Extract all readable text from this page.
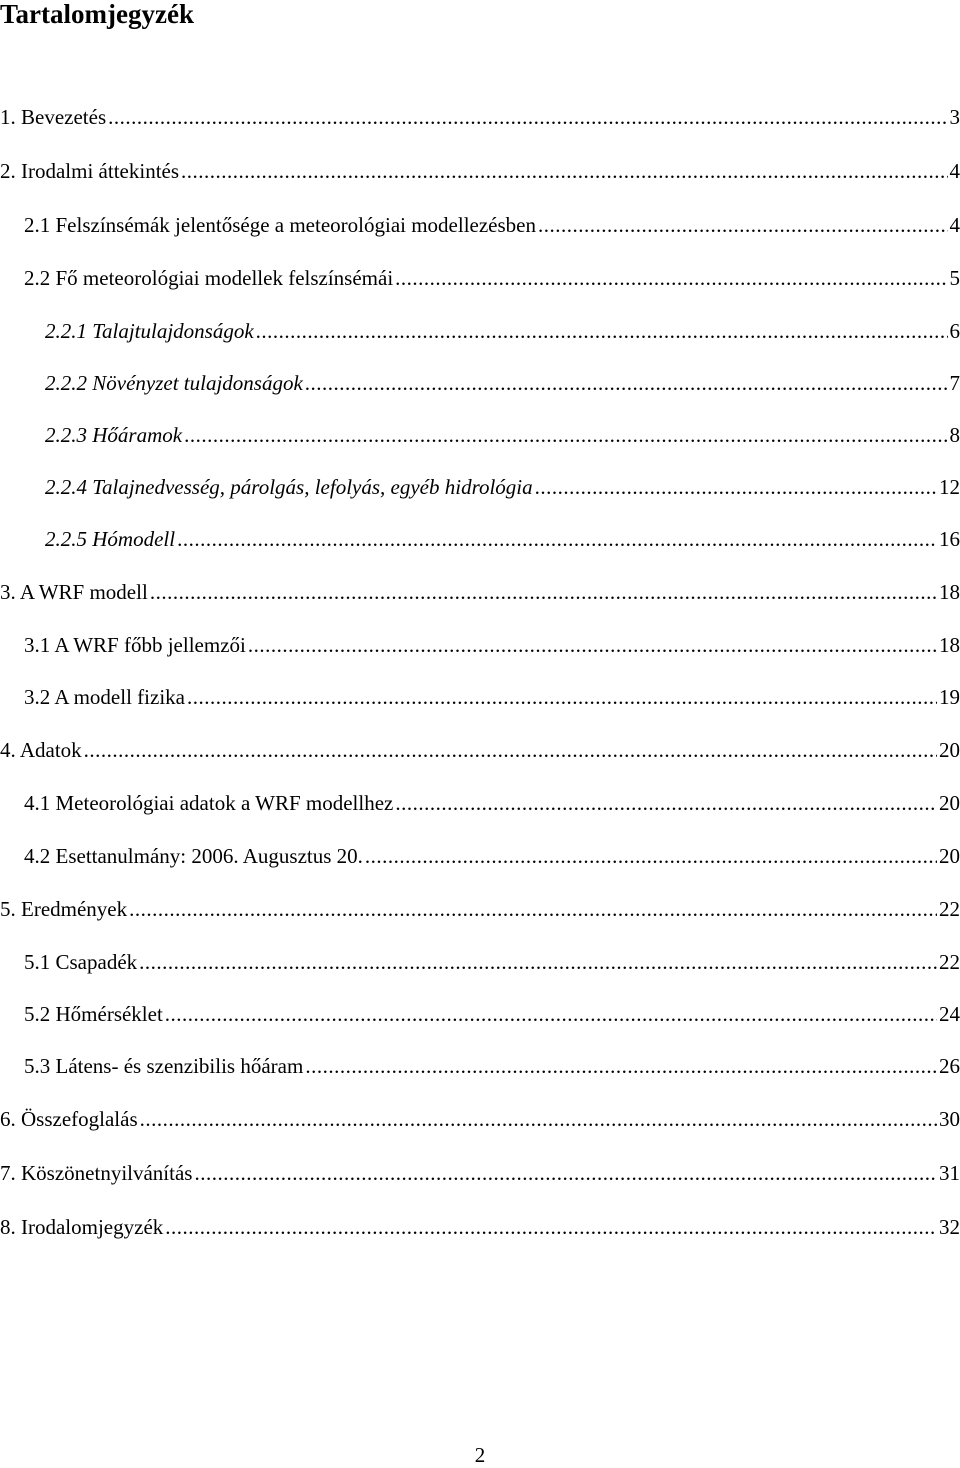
Tartalomjegyzék
1. Bevezetés .....	3
2. Irodalmi áttekintés .....	4
2.1 Felszínsémák jelentősége a meteorológiai modellezésben .....	4
2.2 Fő meteorológiai modellek felszínsémái .....	5
2.2.1 Talajtulajdonságok .....	6
2.2.2 Növényzet tulajdonságok .....	7
2.2.3 Hőáramok .....	8
2.2.4 Talajnedvesség, párolgás, lefolyás, egyéb hidrológia .....	12
2.2.5 Hómodell .....	16
3. A WRF modell .....	18
3.1 A WRF főbb jellemzői .....	18
3.2 A modell fizika .....	19
4. Adatok .....	20
4.1 Meteorológiai adatok a WRF modellhez .....	20
4.2 Esettanulmány: 2006. Augusztus 20. .....	20
5. Eredmények .....	22
5.1 Csapadék .....	22
5.2 Hőmérséklet .....	24
5.3 Látens- és szenzibilis hőáram .....	26
6. Összefoglalás .....	30
7. Köszönetnyilvánítás .....	31
8. Irodalomjegyzék .....	32
2
